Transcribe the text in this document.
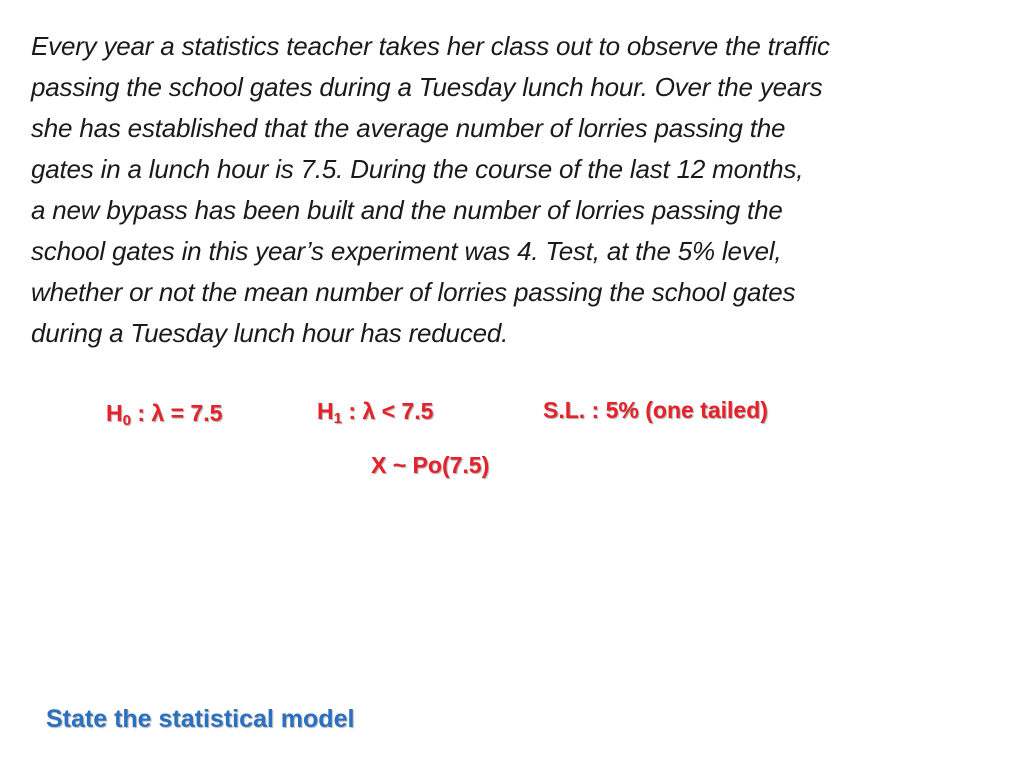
Every year a statistics teacher takes her class out to observe the traffic
passing the school gates during a Tuesday lunch hour. Over the years
she has established that the average number of lorries passing the
gates in a lunch hour is 7.5. During the course of the last 12 months,
a new bypass has been built and the number of lorries passing the
school gates in this year’s experiment was 4. Test, at the 5% level,
whether or not the mean number of lorries passing the school gates
during a Tuesday lunch hour has reduced.
$H_0$ : λ = 7.5	$H_1$ : λ < 7.5	S.L. : 5% (one tailed)
X ~ Po(7.5)
State the statistical model
